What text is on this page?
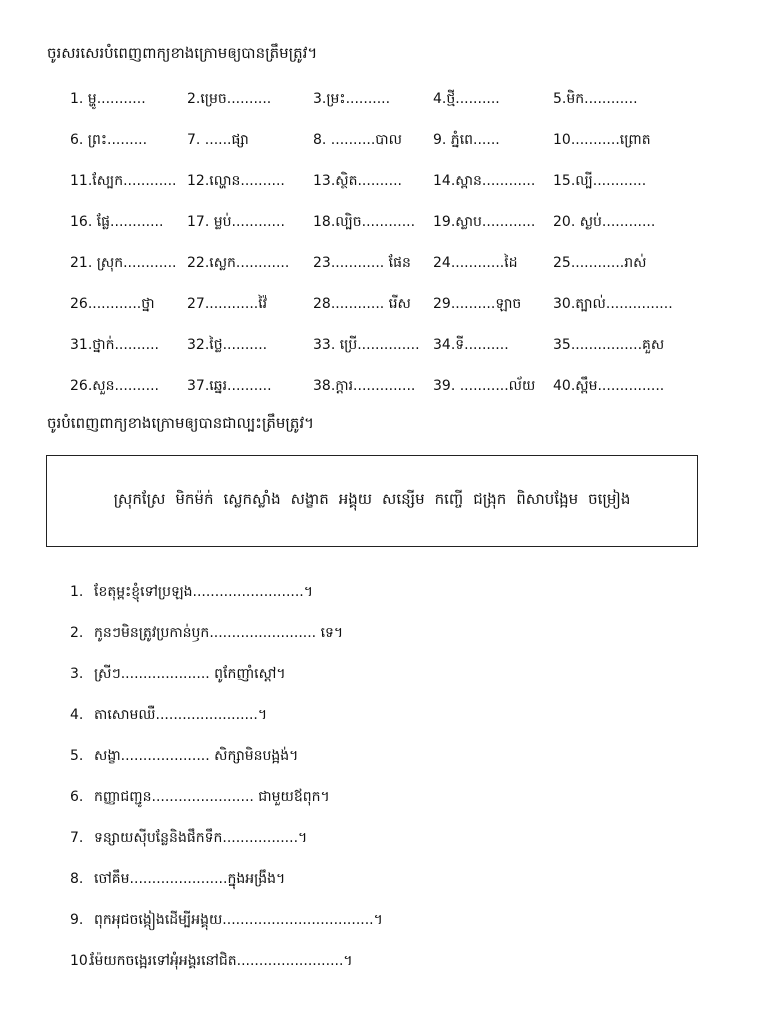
ចូរសរសេរបំពេញពាក្យខាងក្រោមឲ្យបានត្រឹមត្រូវ។
1. ម្ហូ...........	2.ម្រេច..........	3.ម្រះ..........	4.ថ្មី..........	5.មិក............
6. ព្រះ.........	7. ......ផ្សា	8. ..........បាល 9. ភ្នំពេ......	10...........ព្រោត
11.ស្បែក............ 12.ល្ហោន.......... 13.ស្ថិត.......... 14.ស្ពាន............ 15.ល្បី............
16. ផ្លែ............ 17. ម្លប់............ 18.ល្បិច............ 19.ស្លាប............ 20. ស្ងប់............
21. ស្រុក............ 22.ស្លេក............ 23............ ផែន 24............ដៃ	25............រាស់
26............ថ្នា 27............វ៉ៃ	28............ រើស 29..........ឡាច 30.ត្បាល់...............
31.ថ្នាក់.......... 32.ថ្លៃ..........	33. ប្រើ.............. 34.ទី..........	35................គួស
26.សួន.......... 37.ឆ្នេរ..........	38.ក្ដារ.............. 39. ...........ល័យ 40.ស្ពឹម...............
ចូរបំពេញពាក្យខាងក្រោមឲ្យបានជាល្បះត្រឹមត្រូវ។
ស្រុកស្រែ មិកម៉ក់ ស្លេកស្លាំង សង្ខាត អង្គុយ សន្សើម កញ្ចើ ជង្រុក ពិសាបង្អែម ចម្រៀង
1. ខែតុម្ពះខ្ញុំទៅប្រឡង.........................។
2. កូនៗមិនត្រូវប្រកាន់ឫក........................ ទេ។
3. ស្រីៗ.................... ពូកែញាំស្តៅ។
4. តាសោមឈឺ.......................។
5. សង្ខា.................... សិក្សាមិនបង្អង់។
6. កញ្ញាជញ្ជូន....................... ជាមួយឪពុក។
7. ទន្សាយស៊ីបន្លែនិងផឹកទឹក.................។
8. ចៅគឹម......................ក្នុងអង្រឹង។
9. ពុកអុជចង្កៀងដើម្បីអង្គុយ..................................។
10.ម៉ែយកចង្អេរទៅអុំអង្គរនៅជិត........................។
